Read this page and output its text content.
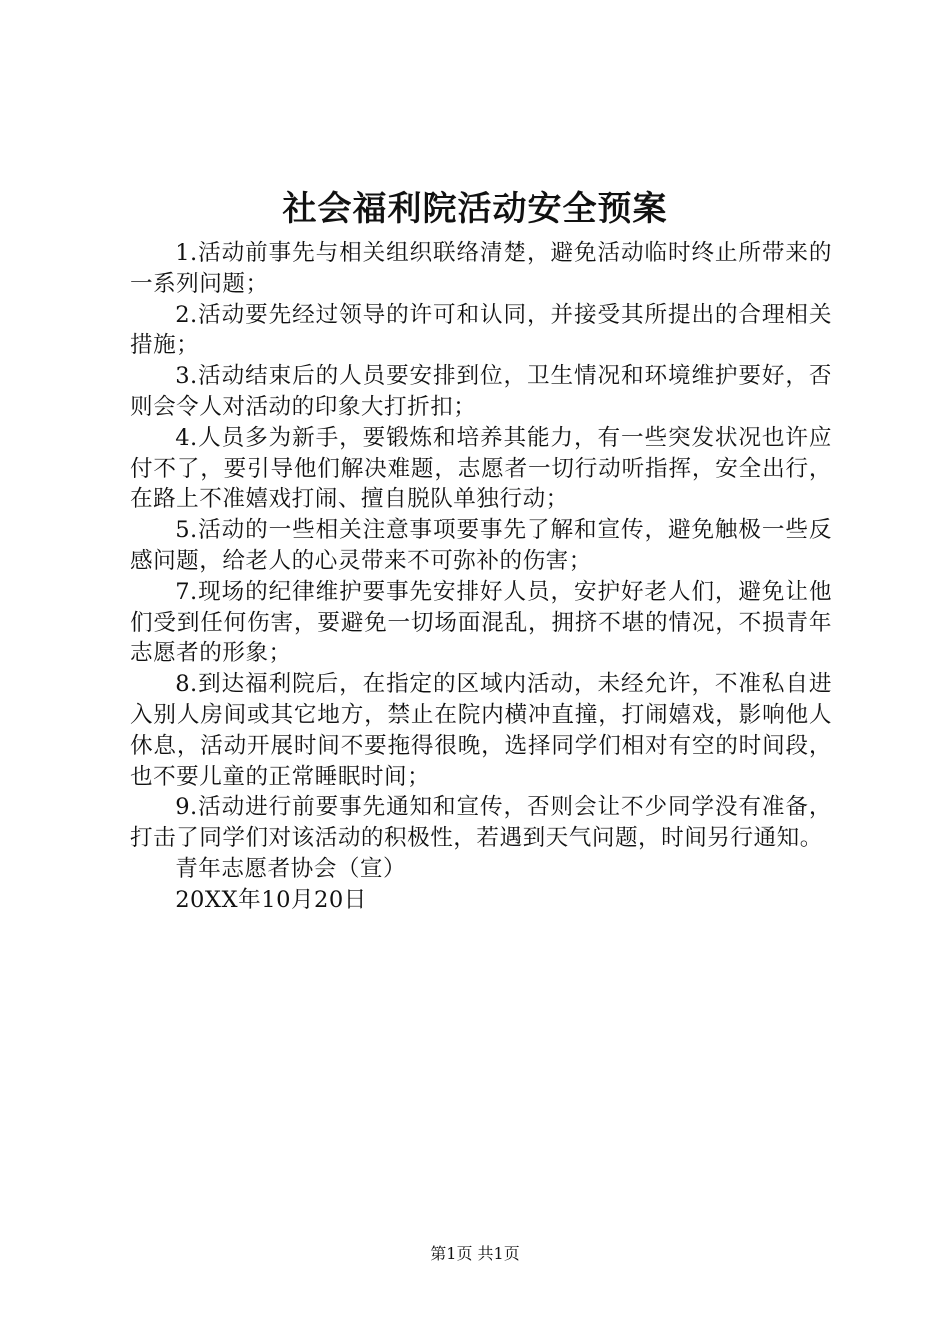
社会福利院活动安全预案

1.活动前事先与相关组织联络清楚，避免活动临时终止所带来的一系列问题；

2.活动要先经过领导的许可和认同，并接受其所提出的合理相关措施；

3.活动结束后的人员要安排到位，卫生情况和环境维护要好，否则会令人对活动的印象大打折扣；

4.人员多为新手，要锻炼和培养其能力，有一些突发状况也许应付不了，要引导他们解决难题，志愿者一切行动听指挥，安全出行，在路上不准嬉戏打闹、擅自脱队单独行动；

5.活动的一些相关注意事项要事先了解和宣传，避免触极一些反感问题，给老人的心灵带来不可弥补的伤害；

7.现场的纪律维护要事先安排好人员，安护好老人们，避免让他们受到任何伤害，要避免一切场面混乱，拥挤不堪的情况，不损青年志愿者的形象；

8.到达福利院后，在指定的区域内活动，未经允许，不准私自进入别人房间或其它地方，禁止在院内横冲直撞，打闹嬉戏，影响他人休息，活动开展时间不要拖得很晚，选择同学们相对有空的时间段，也不要儿童的正常睡眠时间；

9.活动进行前要事先通知和宣传，否则会让不少同学没有准备，打击了同学们对该活动的积极性，若遇到天气问题，时间另行通知。

青年志愿者协会（宣）

20XX年10月20日

第1页 共1页
